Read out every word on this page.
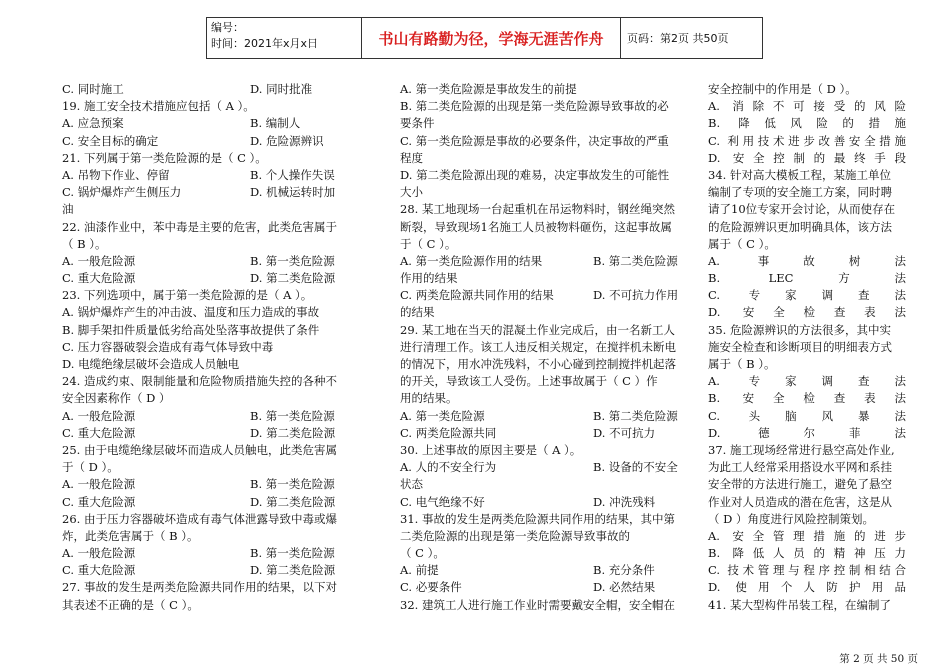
编号：
时间：2021年x月x日	书山有路勤为径，学海无涯苦作舟	页码：第2页 共50页
C. 同时施工	D. 同时批准
19. 施工安全技术措施应包括（ A ）。
A. 应急预案	B. 编制人
C. 安全目标的确定	D. 危险源辨识
21. 下列属于第一类危险源的是（ C ）。
A. 吊物下作业、停留	B. 个人操作失误
C. 锅炉爆炸产生侧压力	D. 机械运转时加
油
22. 油漆作业中，苯中毒是主要的危害，此类危害属于
（ B ）。
A. 一般危险源	B. 第一类危险源
C. 重大危险源	D. 第二类危险源
23. 下列选项中，属于第一类危险源的是（ A ）。
A. 锅炉爆炸产生的冲击波、温度和压力造成的事故
B. 脚手架扣件质量低劣给高处坠落事故提供了条件
C. 压力容器破裂会造成有毒气体导致中毒
D. 电缆绝缘层破坏会造成人员触电
24. 造成约束、限制能量和危险物质措施失控的各种不
安全因素称作（ D ）
A. 一般危险源	B. 第一类危险源
C. 重大危险源	D. 第二类危险源
25. 由于电缆绝缘层破坏而造成人员触电，此类危害属
于（ D ）。
A. 一般危险源	B. 第一类危险源
C. 重大危险源	D. 第二类危险源
26. 由于压力容器破坏造成有毒气体泄露导致中毒或爆
炸，此类危害属于（ B ）。
A. 一般危险源	B. 第一类危险源
C. 重大危险源	D. 第二类危险源
27. 事故的发生是两类危险源共同作用的结果，以下对
其表述不正确的是（ C ）。
A. 第一类危险源是事故发生的前提
B. 第二类危险源的出现是第一类危险源导致事故的必
要条件
C. 第一类危险源是事故的必要条件，决定事故的严重
程度
D. 第二类危险源出现的难易，决定事故发生的可能性
大小
28. 某工地现场一台起重机在吊运物料时，钢丝绳突然
断裂，导致现场1名施工人员被物料砸伤，这起事故属
于（ C ）。
A. 第一类危险源作用的结果	B. 第二类危险源
作用的结果
C. 两类危险源共同作用的结果	D. 不可抗力作用
的结果
29. 某工地在当天的混凝土作业完成后，由一名新工人
进行清理工作。该工人违反相关规定，在搅拌机未断电
的情况下，用水冲洗残料，不小心碰到控制搅拌机起落
的开关，导致该工人受伤。上述事故属于（ C ）作
用的结果。
A. 第一类危险源	B. 第二类危险源
C. 两类危险源共同	D. 不可抗力
30. 上述事故的原因主要是（ A ）。
A. 人的不安全行为	B. 设备的不安全
状态
C. 电气绝缘不好	D. 冲洗残料
31. 事故的发生是两类危险源共同作用的结果，其中第
二类危险源的出现是第一类危险源导致事故的
（ C ）。
A. 前提	B. 充分条件
C. 必要条件	D. 必然结果
32. 建筑工人进行施工作业时需要戴安全帽，安全帽在
安全控制中的作用是（ D ）。
A. 消除不可接受的风险
B. 降低风险的措施
C. 利用技术进步改善安全措施
D. 安全控制的最终手段
34. 针对高大模板工程，某施工单位
编制了专项的安全施工方案，同时聘
请了10位专家开会讨论，从而使存在
的危险源辨识更加明确具体，该方法
属于（ C ）。
A. 事故树法
B. LEC方法
C. 专家调查法
D. 安全检查表法
35. 危险源辨识的方法很多，其中实
施安全检查和诊断项目的明细表方式
属于（ B ）。
A. 专家调查法
B. 安全检查表法
C. 头脑风暴法
D. 德尔菲法
37. 施工现场经常进行悬空高处作业,
为此工人经常采用搭设水平网和系挂
安全带的方法进行施工，避免了悬空
作业对人员造成的潜在危害，这是从
（ D ）角度进行风险控制策划。
A. 安全管理措施的进步
B. 降低人员的精神压力
C. 技术管理与程序控制相结合
D. 使用个人防护用品
41. 某大型构件吊装工程，在编制了
第 2 页 共 50 页
